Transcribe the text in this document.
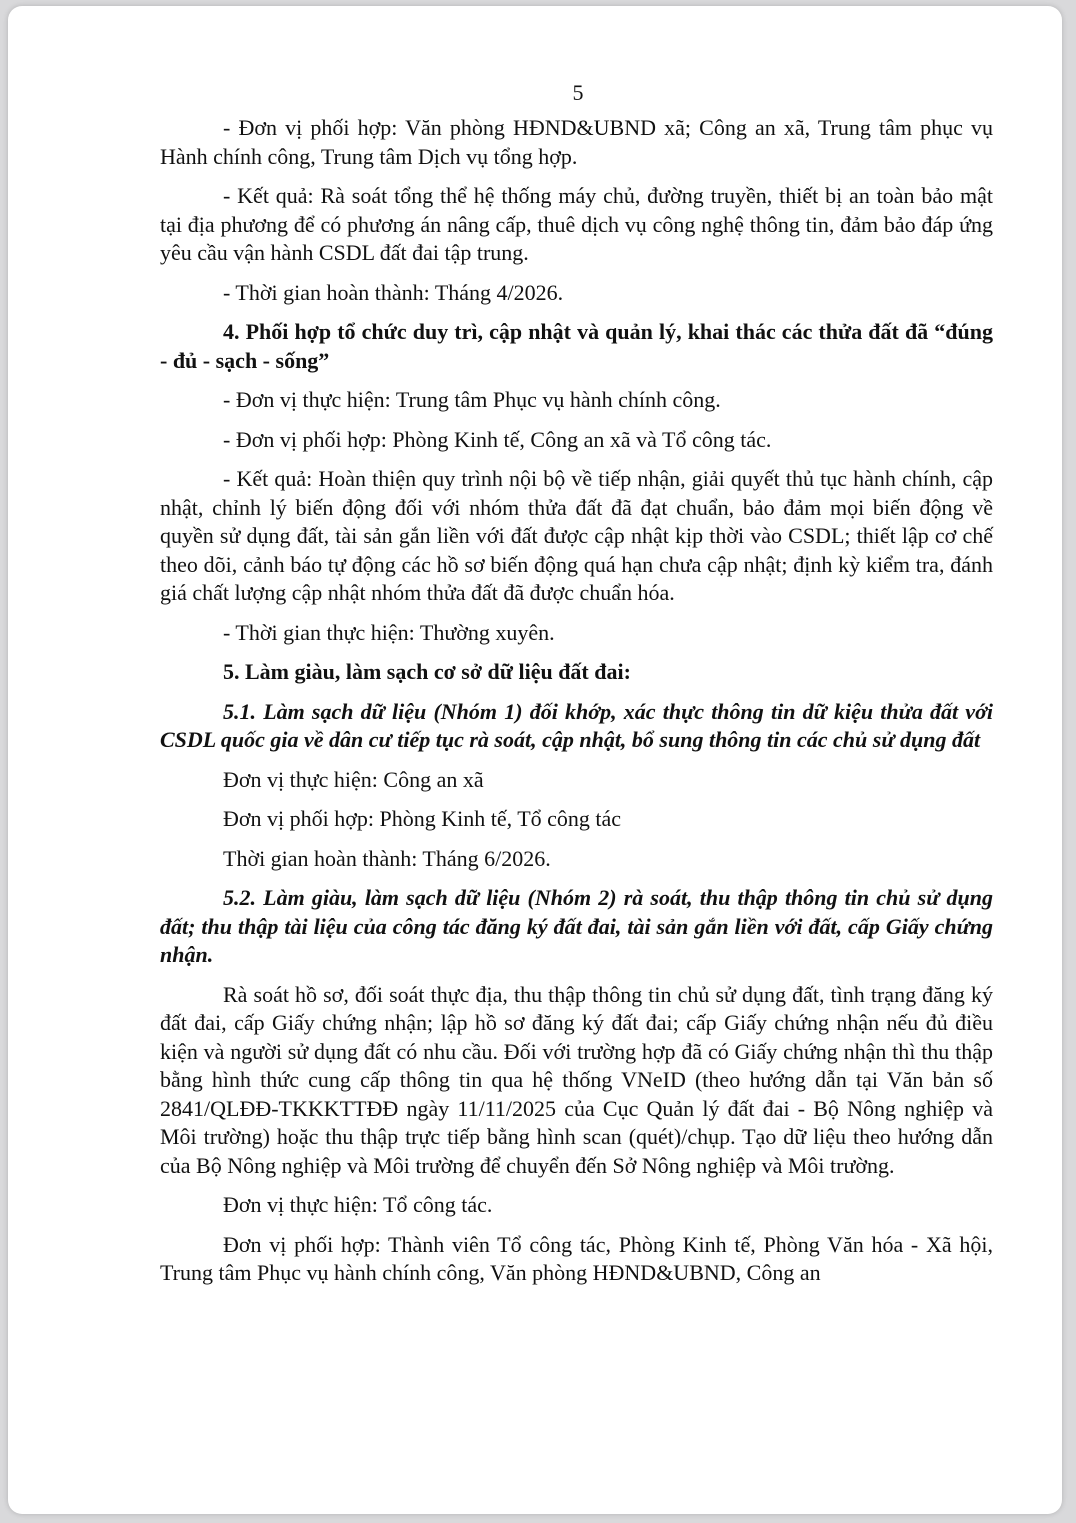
5

- Đơn vị phối hợp: Văn phòng HĐND&UBND xã; Công an xã, Trung tâm phục vụ Hành chính công, Trung tâm Dịch vụ tổng hợp.

- Kết quả: Rà soát tổng thể hệ thống máy chủ, đường truyền, thiết bị an toàn bảo mật tại địa phương để có phương án nâng cấp, thuê dịch vụ công nghệ thông tin, đảm bảo đáp ứng yêu cầu vận hành CSDL đất đai tập trung.

- Thời gian hoàn thành: Tháng 4/2026.

4. Phối hợp tổ chức duy trì, cập nhật và quản lý, khai thác các thửa đất đã “đúng - đủ - sạch - sống”

- Đơn vị thực hiện: Trung tâm Phục vụ hành chính công.

- Đơn vị phối hợp: Phòng Kinh tế, Công an xã và Tổ công tác.

- Kết quả: Hoàn thiện quy trình nội bộ về tiếp nhận, giải quyết thủ tục hành chính, cập nhật, chỉnh lý biến động đối với nhóm thửa đất đã đạt chuẩn, bảo đảm mọi biến động về quyền sử dụng đất, tài sản gắn liền với đất được cập nhật kịp thời vào CSDL; thiết lập cơ chế theo dõi, cảnh báo tự động các hồ sơ biến động quá hạn chưa cập nhật; định kỳ kiểm tra, đánh giá chất lượng cập nhật nhóm thửa đất đã được chuẩn hóa.

- Thời gian thực hiện: Thường xuyên.

5. Làm giàu, làm sạch cơ sở dữ liệu đất đai:

5.1. Làm sạch dữ liệu (Nhóm 1) đối khớp, xác thực thông tin dữ kiệu thửa đất với CSDL quốc gia về dân cư tiếp tục rà soát, cập nhật, bổ sung thông tin các chủ sử dụng đất

Đơn vị thực hiện: Công an xã

Đơn vị phối hợp: Phòng Kinh tế, Tổ công tác

Thời gian hoàn thành: Tháng 6/2026.

5.2. Làm giàu, làm sạch dữ liệu (Nhóm 2) rà soát, thu thập thông tin chủ sử dụng đất; thu thập tài liệu của công tác đăng ký đất đai, tài sản gắn liền với đất, cấp Giấy chứng nhận.

Rà soát hồ sơ, đối soát thực địa, thu thập thông tin chủ sử dụng đất, tình trạng đăng ký đất đai, cấp Giấy chứng nhận; lập hồ sơ đăng ký đất đai; cấp Giấy chứng nhận nếu đủ điều kiện và người sử dụng đất có nhu cầu. Đối với trường hợp đã có Giấy chứng nhận thì thu thập bằng hình thức cung cấp thông tin qua hệ thống VNeID (theo hướng dẫn tại Văn bản số 2841/QLĐĐ-TKKKTTĐĐ ngày 11/11/2025 của Cục Quản lý đất đai - Bộ Nông nghiệp và Môi trường) hoặc thu thập trực tiếp bằng hình scan (quét)/chụp. Tạo dữ liệu theo hướng dẫn của Bộ Nông nghiệp và Môi trường để chuyển đến Sở Nông nghiệp và Môi trường.

Đơn vị thực hiện: Tổ công tác.

Đơn vị phối hợp: Thành viên Tổ công tác, Phòng Kinh tế, Phòng Văn hóa - Xã hội, Trung tâm Phục vụ hành chính công, Văn phòng HĐND&UBND, Công an
